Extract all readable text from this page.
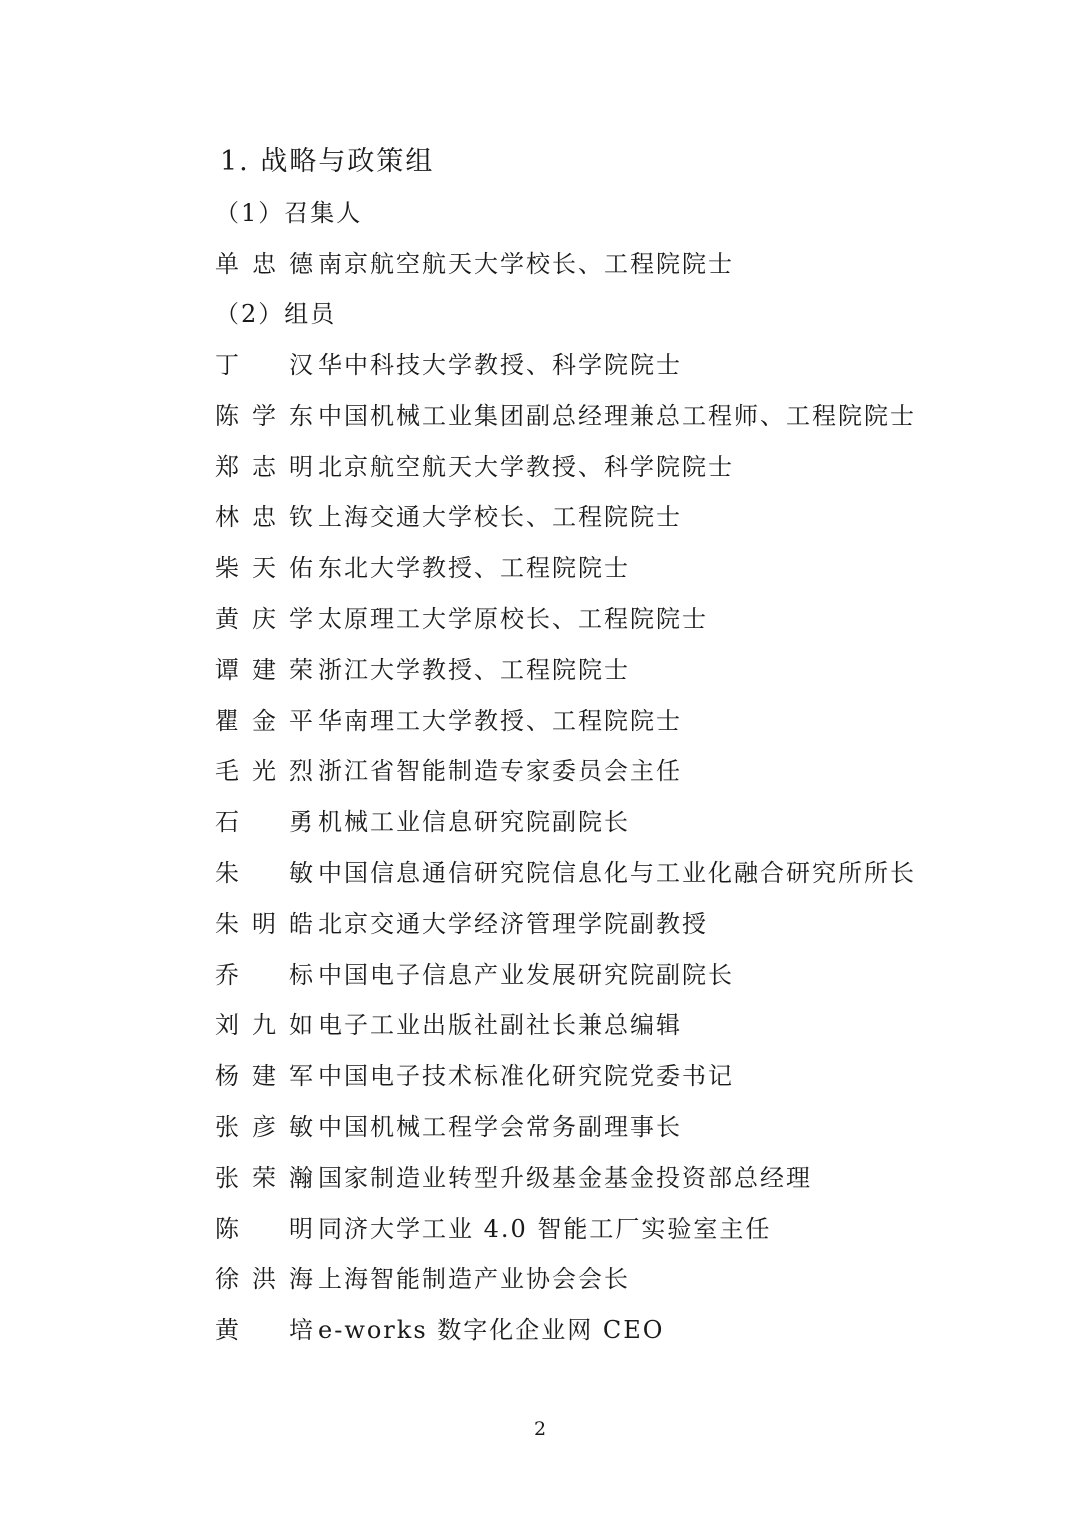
1. 战略与政策组
（1）召集人
单忠德 南京航空航天大学校长、工程院院士
（2）组员
丁　汉 华中科技大学教授、科学院院士
陈学东 中国机械工业集团副总经理兼总工程师、工程院院士
郑志明 北京航空航天大学教授、科学院院士
林忠钦 上海交通大学校长、工程院院士
柴天佑 东北大学教授、工程院院士
黄庆学 太原理工大学原校长、工程院院士
谭建荣 浙江大学教授、工程院院士
瞿金平 华南理工大学教授、工程院院士
毛光烈 浙江省智能制造专家委员会主任
石　勇 机械工业信息研究院副院长
朱　敏 中国信息通信研究院信息化与工业化融合研究所所长
朱明皓 北京交通大学经济管理学院副教授
乔　标 中国电子信息产业发展研究院副院长
刘九如 电子工业出版社副社长兼总编辑
杨建军 中国电子技术标准化研究院党委书记
张彦敏 中国机械工程学会常务副理事长
张荣瀚 国家制造业转型升级基金基金投资部总经理
陈　明 同济大学工业 4.0 智能工厂实验室主任
徐洪海 上海智能制造产业协会会长
黄　培 e-works 数字化企业网 CEO
2
